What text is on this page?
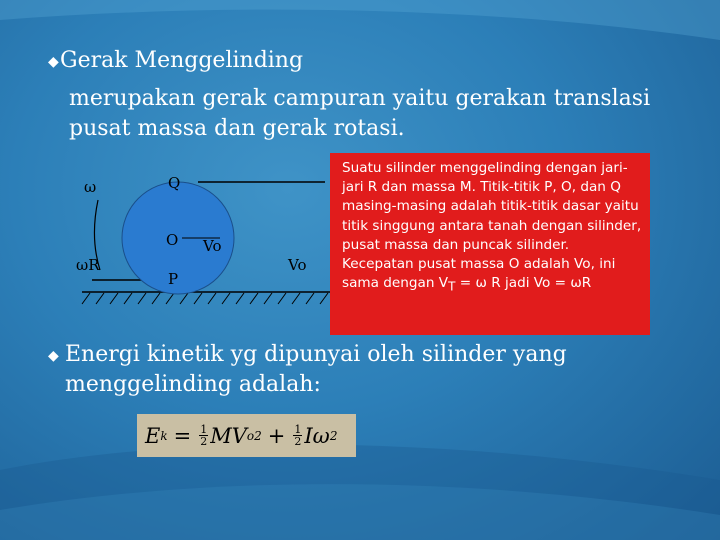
◆ Gerak Menggelinding
merupakan gerak campuran yaitu gerakan translasi
pusat massa dan gerak rotasi.
ω
ωR
Q
O
P
Vo
Vo

Suatu silinder menggelinding dengan jari-jari R dan massa M. Titik-titik P, O, dan Q masing-masing adalah titik-titik dasar yaitu titik singgung antara tanah dengan silinder, pusat massa dan puncak silinder.

Kecepatan pusat massa O adalah Vo, ini sama dengan $V_T = \omega$ R jadi Vo = ωR

◆ Energi kinetik yg dipunyai oleh silinder yang
menggelinding adalah:
E $k = \frac{1}{2}$ MV o $2 + \frac{1}{2}$ Iω 2
